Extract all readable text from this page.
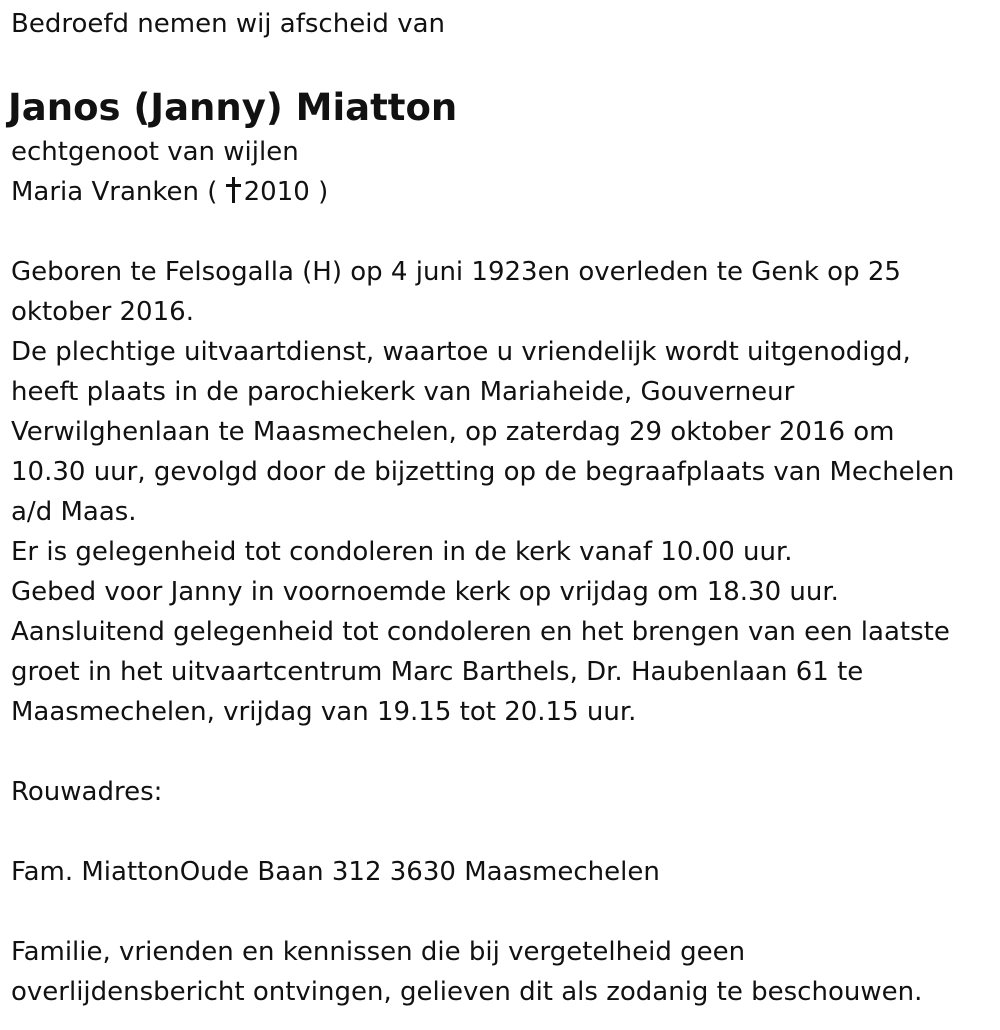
Bedroefd nemen wij afscheid van
Janos (Janny) Miatton
echtgenoot van wijlen
Maria Vranken ( 2010 )
Geboren te Felsogalla (H) op 4 juni 1923en overleden te Genk op 25
oktober 2016.
De plechtige uitvaartdienst, waartoe u vriendelijk wordt uitgenodigd,
heeft plaats in de parochiekerk van Mariaheide, Gouverneur
Verwilghenlaan te Maasmechelen, op zaterdag 29 oktober 2016 om
10.30 uur, gevolgd door de bijzetting op de begraafplaats van Mechelen
a/d Maas.
Er is gelegenheid tot condoleren in de kerk vanaf 10.00 uur.
Gebed voor Janny in voornoemde kerk op vrijdag om 18.30 uur.
Aansluitend gelegenheid tot condoleren en het brengen van een laatste
groet in het uitvaartcentrum Marc Barthels, Dr. Haubenlaan 61 te
Maasmechelen, vrijdag van 19.15 tot 20.15 uur.
Rouwadres:
Fam. MiattonOude Baan 312 3630 Maasmechelen
Familie, vrienden en kennissen die bij vergetelheid geen
overlijdensbericht ontvingen, gelieven dit als zodanig te beschouwen.
